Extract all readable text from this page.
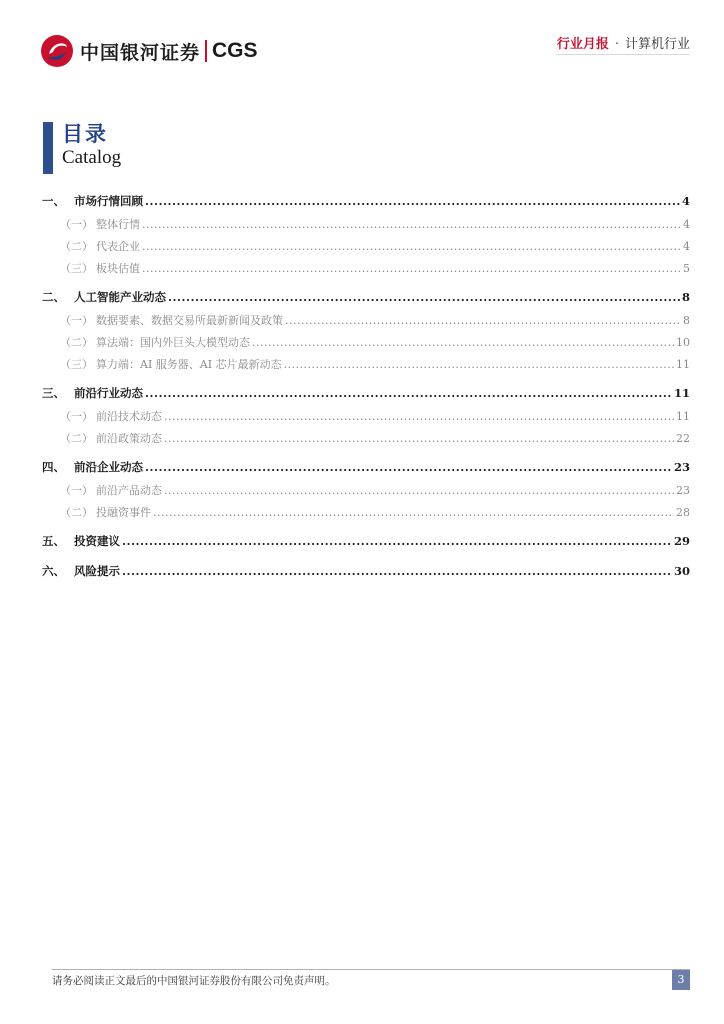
中国银河证券 CGS	行业月报 · 计算机行业
目录
Catalog
一、 市场行情回顾 .....	4
（一） 整体行情 .....	4
（二） 代表企业 .....	4
（三） 板块估值 .....	5
二、 人工智能产业动态 .....	8
（一） 数据要素、数据交易所最新新闻及政策 .....	8
（二） 算法端：国内外巨头大模型动态 .....	10
（三） 算力端：AI 服务器、AI 芯片最新动态 .....	11
三、 前沿行业动态 .....	11
（一） 前沿技术动态 .....	11
（二） 前沿政策动态 .....	22
四、 前沿企业动态 .....	23
（一） 前沿产品动态 .....	23
（二） 投融资事件 .....	28
五、 投资建议 .....	29
六、 风险提示 .....	30
请务必阅读正文最后的中国银河证券股份有限公司免责声明。	3
